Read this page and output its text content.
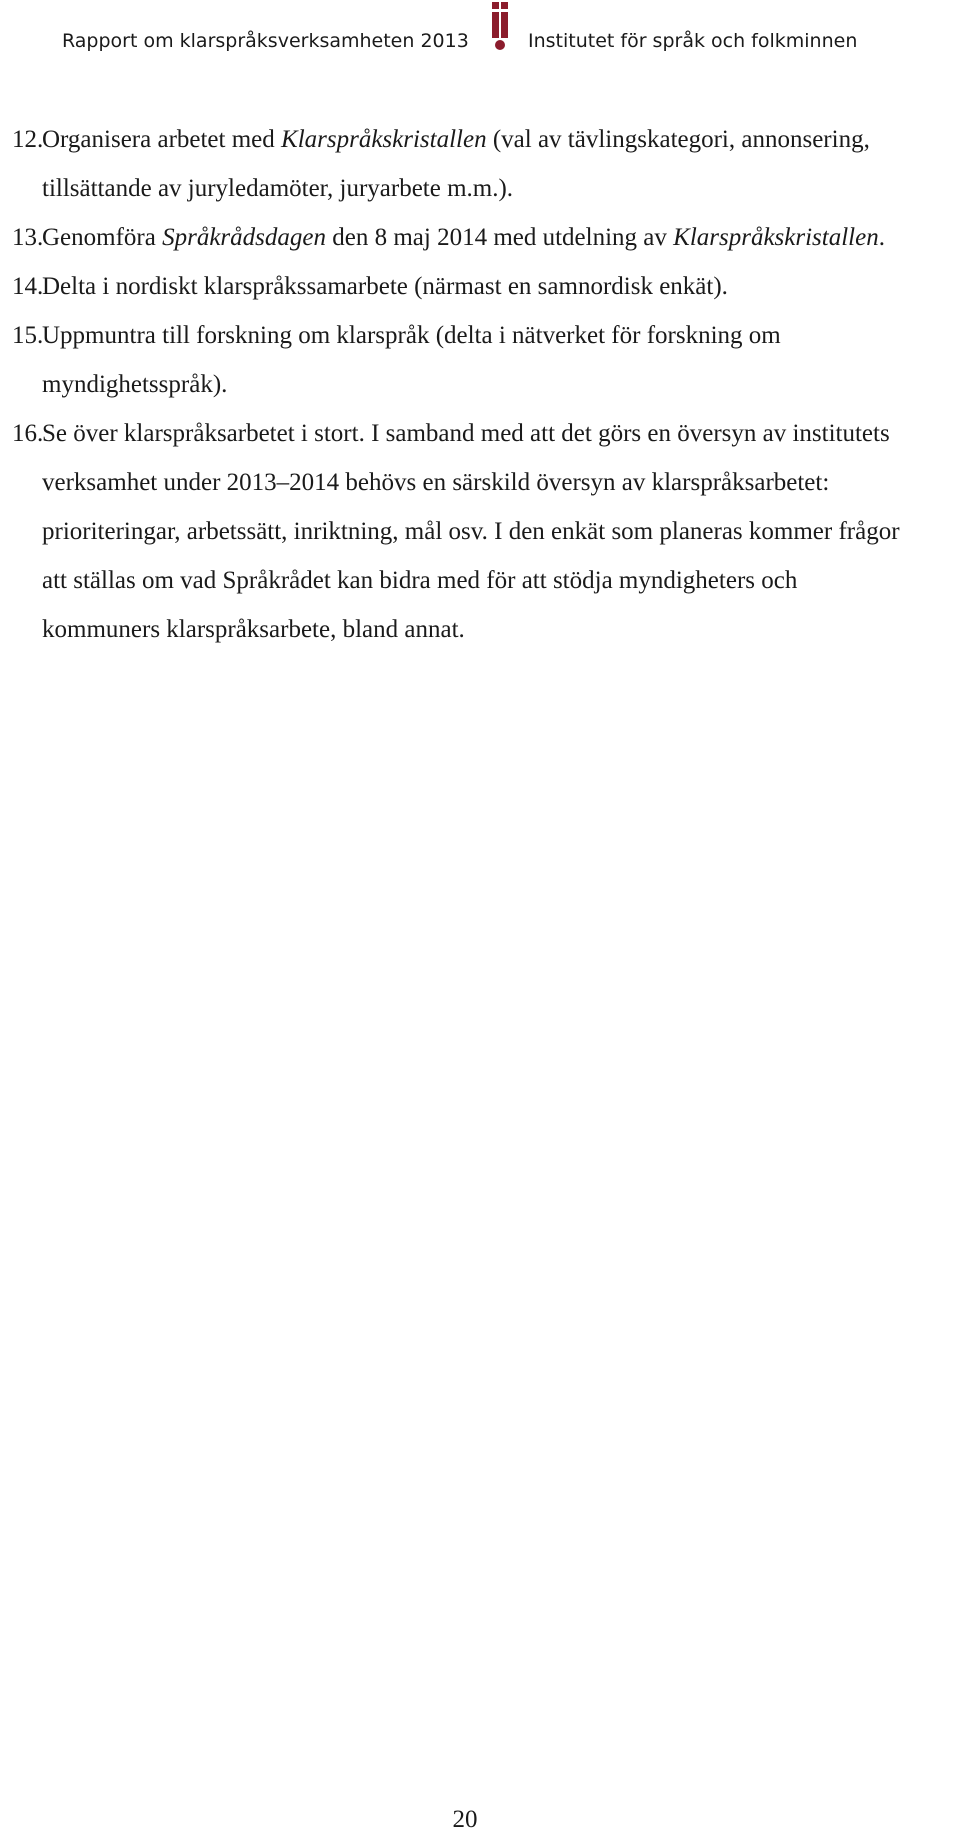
Rapport om klarspråksverksamheten 2013	Institutet för språk och folkminnen
12.
Organisera arbetet med Klarspråkskristallen (val av tävlingskategori, annonsering, tillsättande av juryledamöter, juryarbete m.m.).
13.
Genomföra Språkrådsdagen den 8 maj 2014 med utdelning av Klarspråkskristallen.
14.
Delta i nordiskt klarspråkssamarbete (närmast en samnordisk enkät).
15.
Uppmuntra till forskning om klarspråk (delta i nätverket för forskning om myndighetsspråk).
16.
Se över klarspråksarbetet i stort. I samband med att det görs en översyn av institutets verksamhet under 2013–2014 behövs en särskild översyn av klarspråksarbetet: prioriteringar, arbetssätt, inriktning, mål osv. I den enkät som planeras kommer frågor att ställas om vad Språkrådet kan bidra med för att stödja myndigheters och kommuners klarspråksarbete, bland annat.
20
